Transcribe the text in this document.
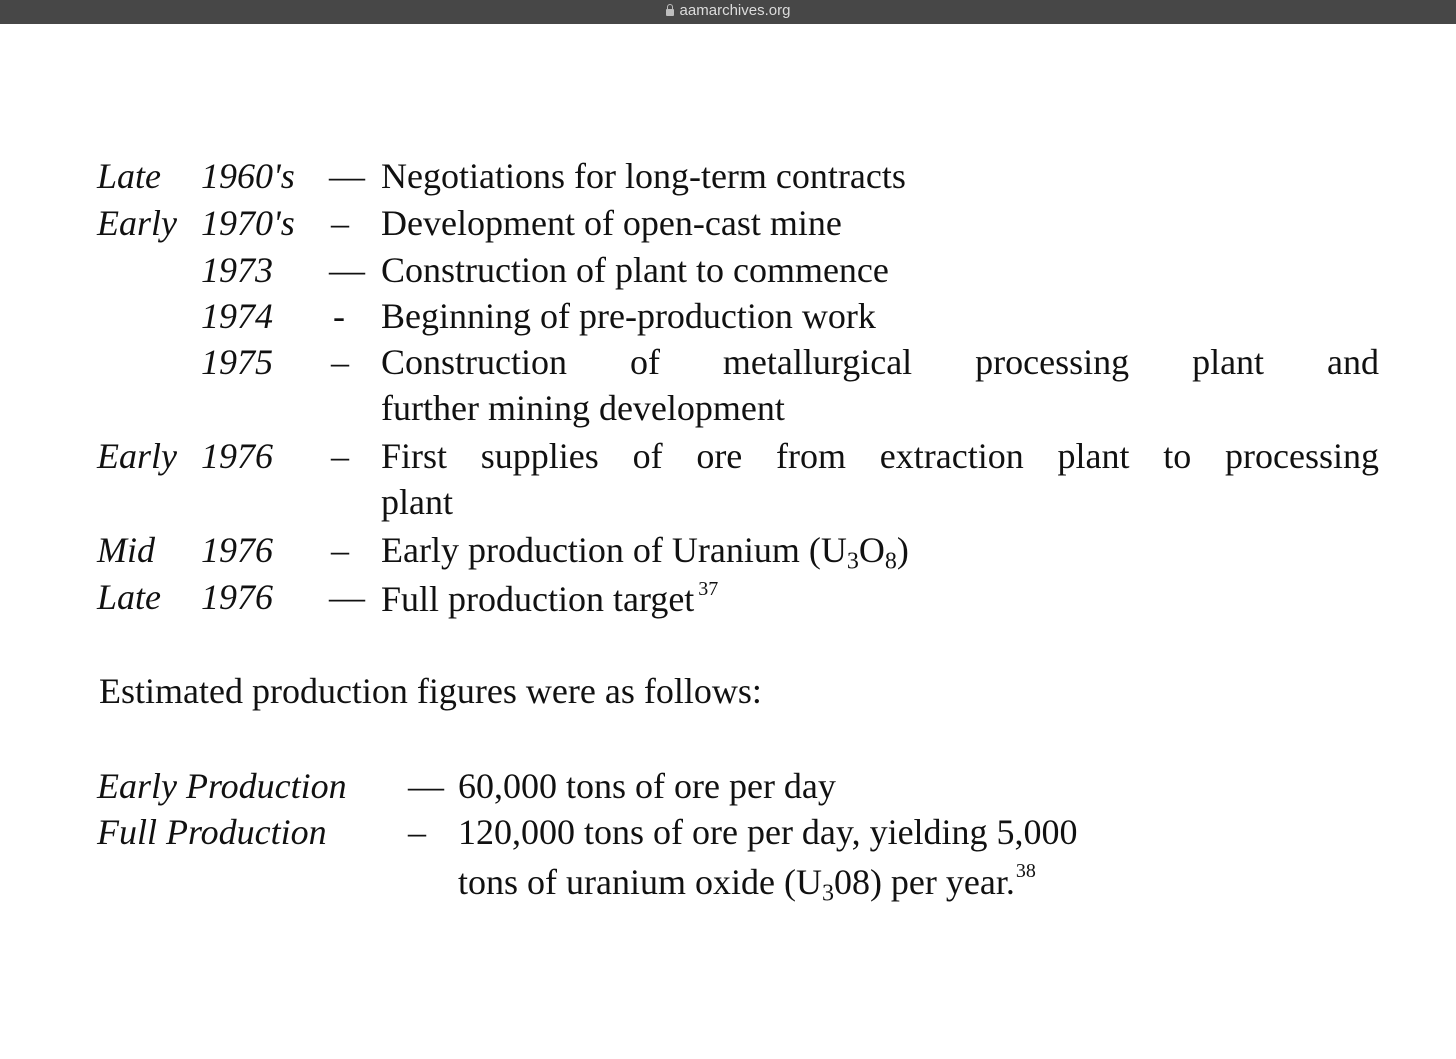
aamarchives.org
Late 1960's — Negotiations for long-term contracts
Early 1970's – Development of open-cast mine
1973 — Construction of plant to commence
1974 - Beginning of pre-production work
1975 – Construction of metallurgical processing plant and
further mining development
Early 1976 – First supplies of ore from extraction plant to processing
plant
Mid 1976 – Early production of Uranium $(U_3O_8)$
Late 1976 — Full production target $^{37}$
Estimated production figures were as follows:
Early Production — 60,000 tons of ore per day
Full Production – 120,000 tons of ore per day, yielding 5,000
tons of uranium oxide $(U_308)$ per year.$^{38}$
